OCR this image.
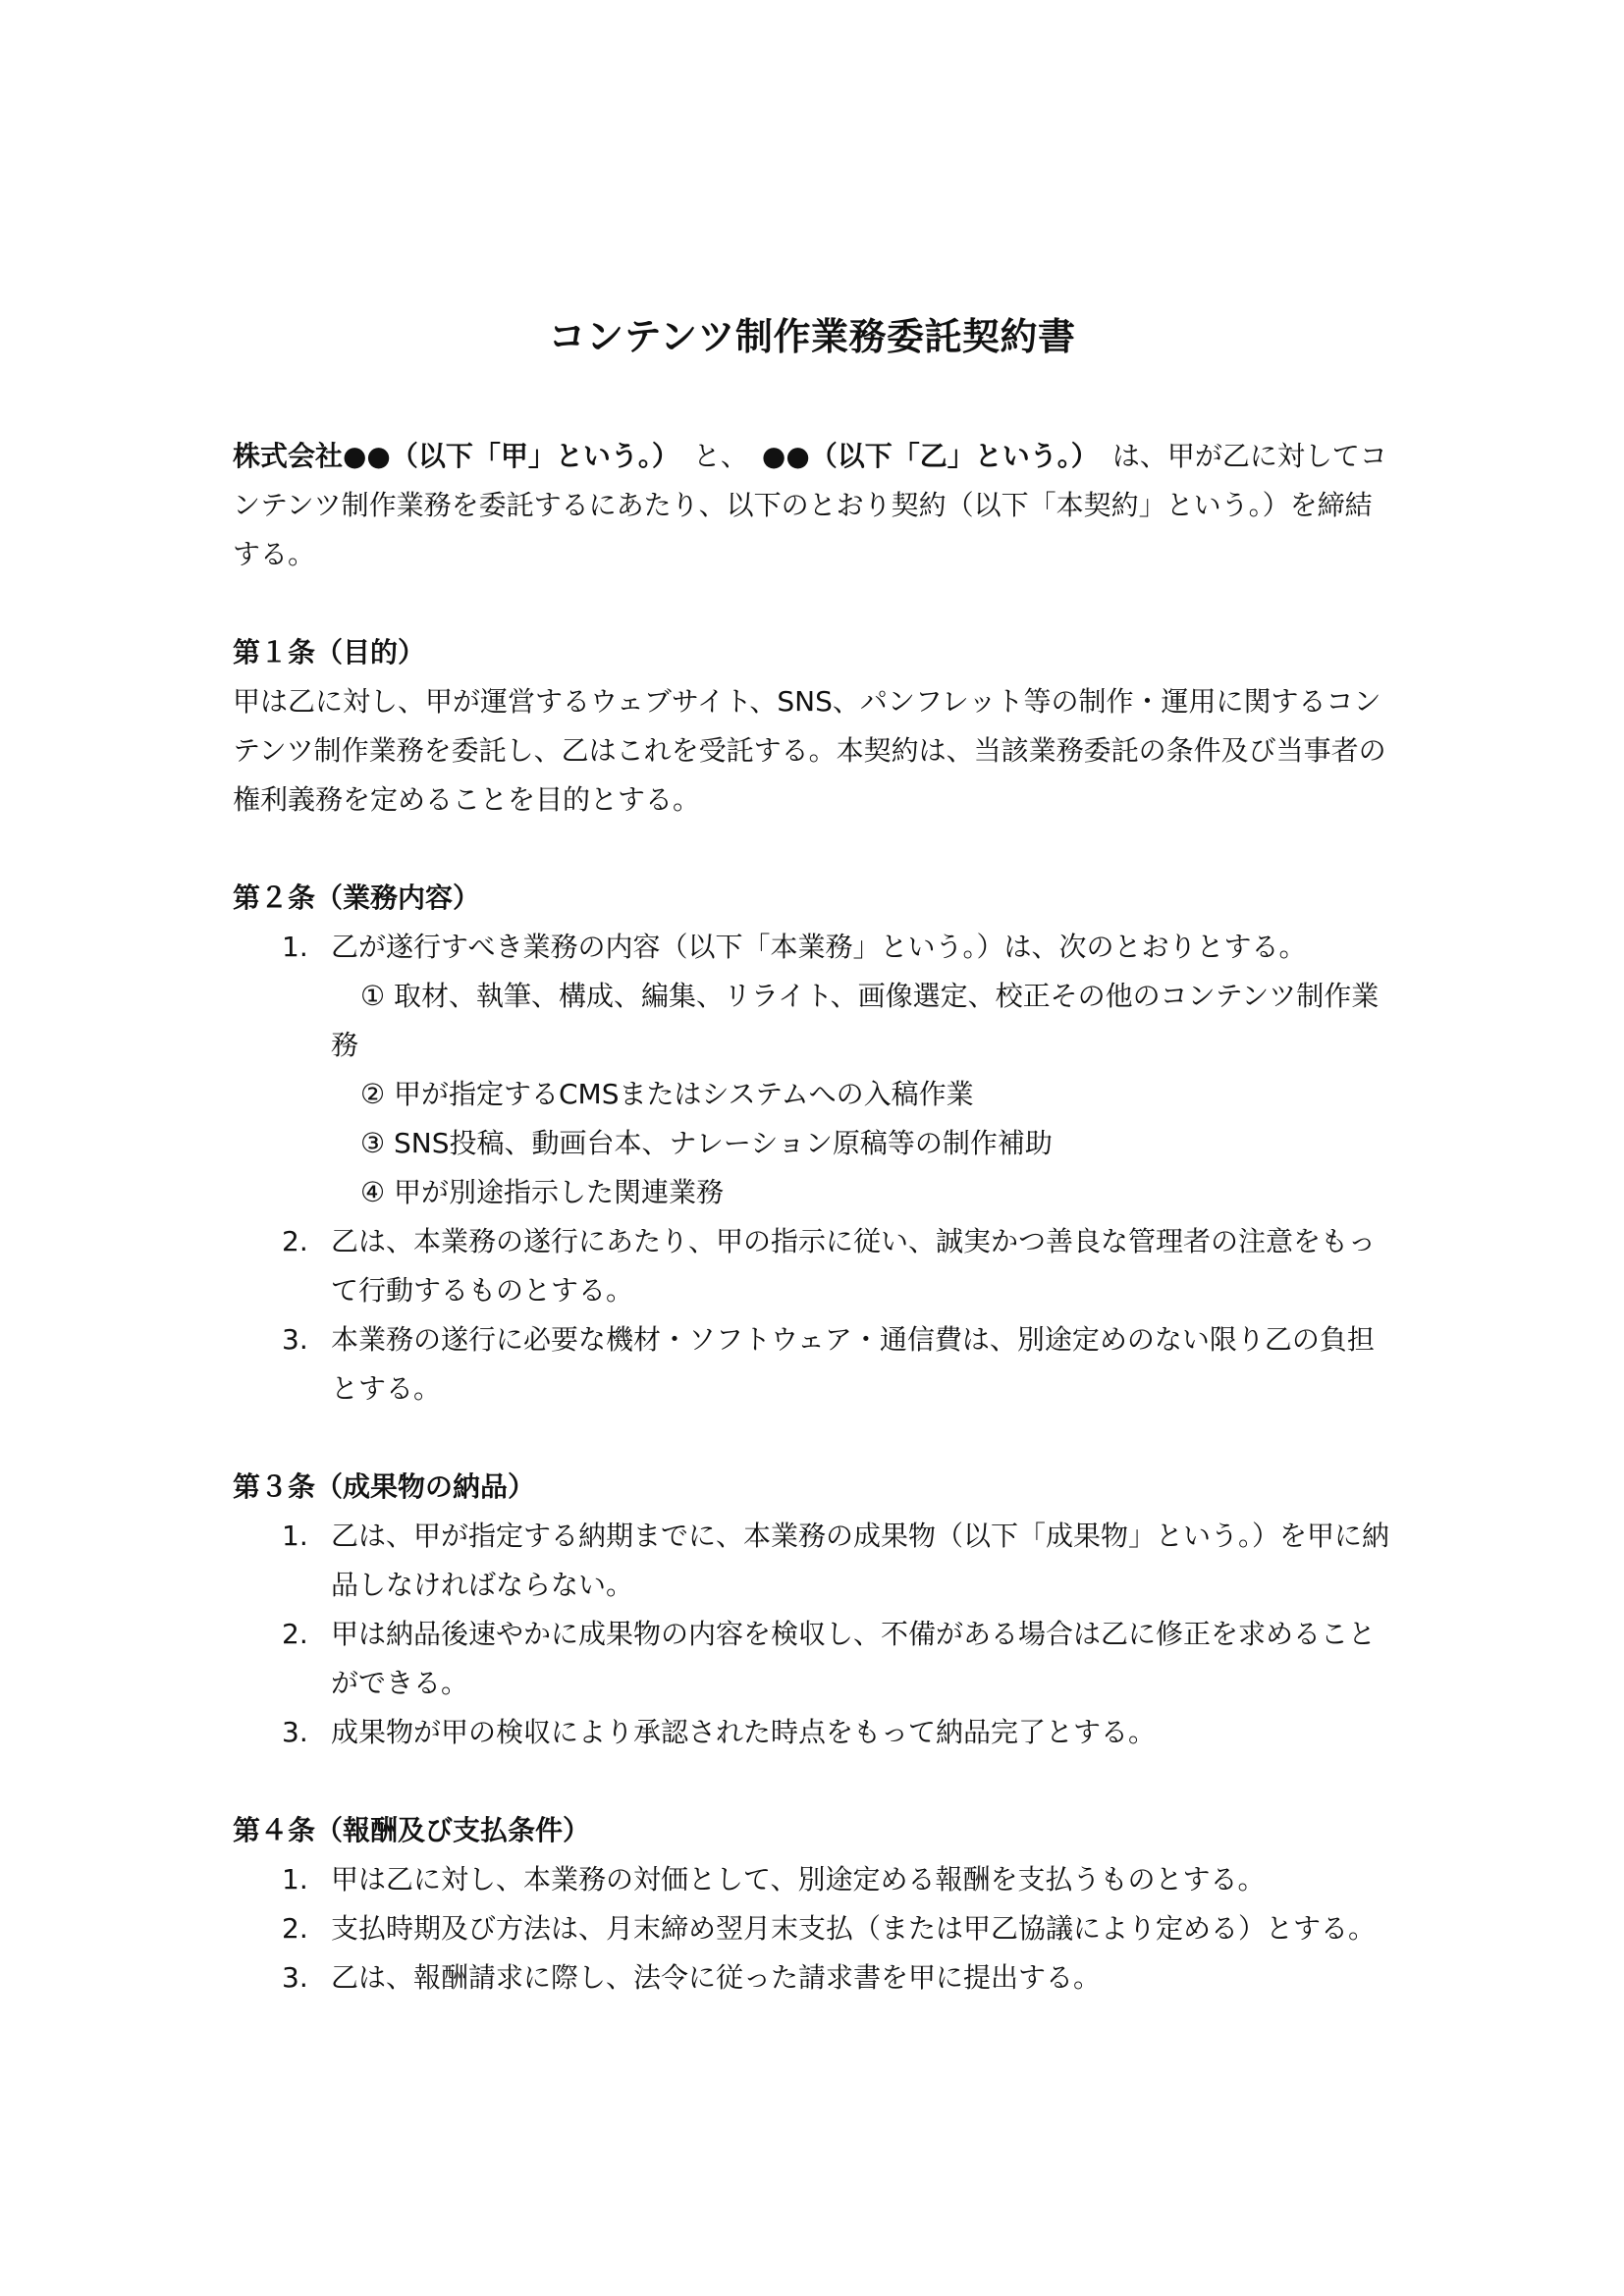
コンテンツ制作業務委託契約書

株式会社●●（以下「甲」という。）　 と、　 ●●（以下「乙」という。）　 は、甲が乙に対してコンテンツ制作業務を委託するにあたり、以下のとおり契約（以下「本契約」という。）を締結する。

第１条（目的）

甲は乙に対し、甲が運営するウェブサイト、SNS、パンフレット等の制作・運用に関するコンテンツ制作業務を委託し、乙はこれを受託する。本契約は、当該業務委託の条件及び当事者の権利義務を定めることを目的とする。

第２条（業務内容）

1. 乙が遂行すべき業務の内容（以下「本業務」という。）は、次のとおりとする。
① 取材、執筆、構成、編集、リライト、画像選定、校正その他のコンテンツ制作業務
② 甲が指定するCMSまたはシステムへの入稿作業
③ SNS投稿、動画台本、ナレーション原稿等の制作補助
④ 甲が別途指示した関連業務
2. 乙は、本業務の遂行にあたり、甲の指示に従い、誠実かつ善良な管理者の注意をもって行動するものとする。
3. 本業務の遂行に必要な機材・ソフトウェア・通信費は、別途定めのない限り乙の負担とする。

第３条（成果物の納品）

1. 乙は、甲が指定する納期までに、本業務の成果物（以下「成果物」という。）を甲に納品しなければならない。
2. 甲は納品後速やかに成果物の内容を検収し、不備がある場合は乙に修正を求めることができる。
3. 成果物が甲の検収により承認された時点をもって納品完了とする。

第４条（報酬及び支払条件）

1. 甲は乙に対し、本業務の対価として、別途定める報酬を支払うものとする。
2. 支払時期及び方法は、月末締め翌月末支払（または甲乙協議により定める）とする。
3. 乙は、報酬請求に際し、法令に従った請求書を甲に提出する。
